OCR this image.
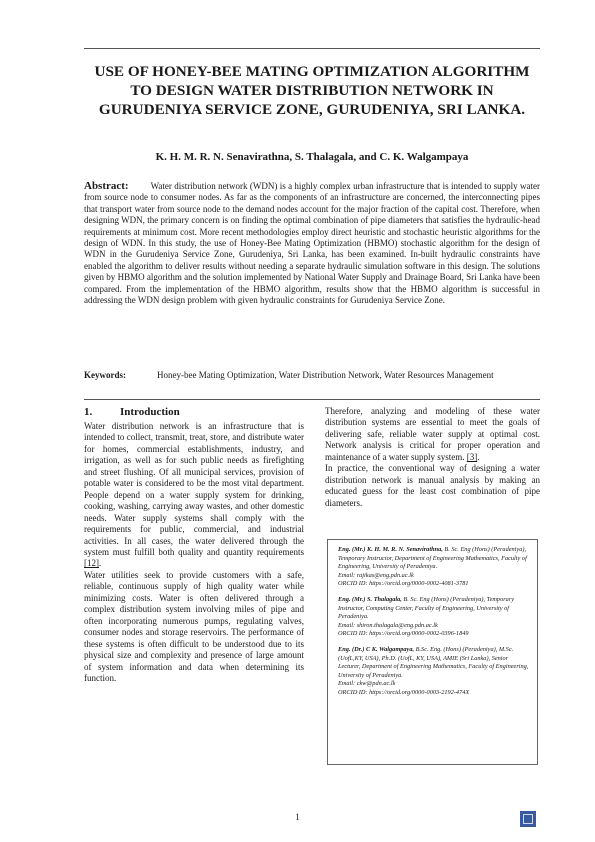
USE OF HONEY-BEE MATING OPTIMIZATION ALGORITHM TO DESIGN WATER DISTRIBUTION NETWORK IN GURUDENIYA SERVICE ZONE, GURUDENIYA, SRI LANKA.
K. H. M. R. N. Senavirathna, S. Thalagala, and C. K. Walgampaya
Abstract: Water distribution network (WDN) is a highly complex urban infrastructure that is intended to supply water from source node to consumer nodes. As far as the components of an infrastructure are concerned, the interconnecting pipes that transport water from source node to the demand nodes account for the major fraction of the capital cost. Therefore, when designing WDN, the primary concern is on finding the optimal combination of pipe diameters that satisfies the hydraulic-head requirements at minimum cost. More recent methodologies employ direct heuristic and stochastic heuristic algorithms for the design of WDN. In this study, the use of Honey-Bee Mating Optimization (HBMO) stochastic algorithm for the design of WDN in the Gurudeniya Service Zone, Gurudeniya, Sri Lanka, has been examined. In-built hydraulic constraints have enabled the algorithm to deliver results without needing a separate hydraulic simulation software in this design. The solutions given by HBMO algorithm and the solution implemented by National Water Supply and Drainage Board, Sri Lanka have been compared. From the implementation of the HBMO algorithm, results show that the HBMO algorithm is successful in addressing the WDN design problem with given hydraulic constraints for Gurudeniya Service Zone.
Keywords:	Honey-bee Mating Optimization, Water Distribution Network, Water Resources Management
1.	Introduction

Water distribution network is an infrastructure that is intended to collect, transmit, treat, store, and distribute water for homes, commercial establishments, industry, and irrigation, as well as for such public needs as firefighting and street flushing. Of all municipal services, provision of potable water is considered to be the most vital department. People depend on a water supply system for drinking, cooking, washing, carrying away wastes, and other domestic needs. Water supply systems shall comply with the requirements for public, commercial, and industrial activities. In all cases, the water delivered through the system must fulfill both quality and quantity requirements [12].

Water utilities seek to provide customers with a safe, reliable, continuous supply of high quality water while minimizing costs. Water is often delivered through a complex distribution system involving miles of pipe and often incorporating numerous pumps, regulating valves, consumer nodes and storage reservoirs. The performance of these systems is often difficult to be understood due to its physical size and complexity and presence of large amount of system information and data when determining its function.

Therefore, analyzing and modeling of these water distribution systems are essential to meet the goals of delivering safe, reliable water supply at optimal cost. Network analysis is critical for proper operation and maintenance of a water supply system. [3].

In practice, the conventional way of designing a water distribution network is manual analysis by making an educated guess for the least cost combination of pipe diameters.

Eng. (Mr.) K. H. M. R. N. Senavirathna, B. Sc. Eng (Hons) (Peradeniya), Temporary Instructor, Department of Engineering Mathematics, Faculty of Engineering, University of Peradeniya.
Email: rajikas@eng.pdn.ac.lk
ORCID ID: https://orcid.org/0000-0002-4081-3781
Eng. (Mr.) S. Thalagala, B. Sc. Eng (Hons) (Peradeniya), Temporary Instructor, Computing Center, Faculty of Engineering, University of Peradeniya.
Email: shiron.thalagala@eng.pdn.ac.lk
ORCID ID: https://orcid.org/0000-0002-0396-1849
Eng. (Dr.) C K. Walgampaya, B.Sc. Eng. (Hons) (Peradeniya), M.Sc.(UofL,KY, USA), Ph.D. (UofL, KY, USA), AMIE (Sri Lanka), Senior Lecturer, Department of Engineering Mathematics, Faculty of Engineering, University of Peradeniya.
Email: ckw@pdn.ac.lk
ORCID ID: https://orcid.org/0000-0003-2192-474X
1
